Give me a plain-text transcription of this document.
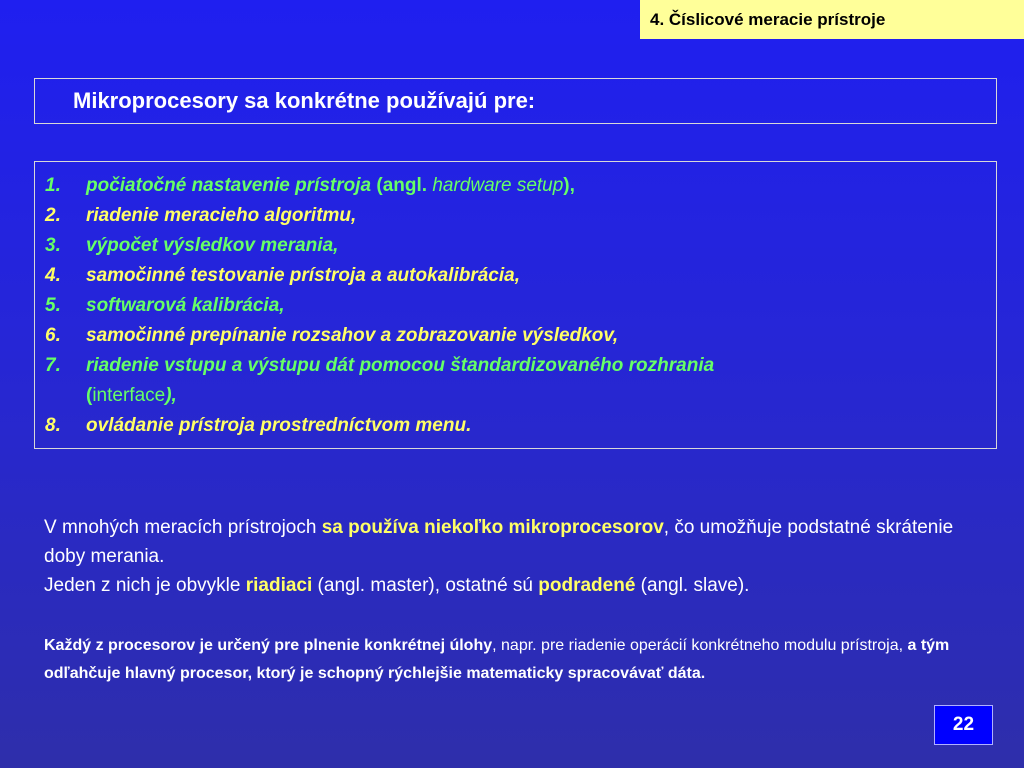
4. Číslicové meracie prístroje
Mikroprocesory sa konkrétne používajú pre:
1.	počiatočné nastavenie prístroja (angl. hardware setup),
2.	riadenie meracieho algoritmu,
3.	výpočet výsledkov merania,
4.	samočinné testovanie prístroja a autokalibrácia,
5.	softwarová kalibrácia,
6.	samočinné prepínanie rozsahov a zobrazovanie výsledkov,
7.	riadenie vstupu a výstupu dát pomocou štandardizovaného rozhrania
(interface),
8.	ovládanie prístroja prostredníctvom menu.

V mnohých meracích prístrojoch sa používa niekoľko mikroprocesorov, čo umožňuje podstatné skrátenie doby merania.
Jeden z nich je obvykle riadiaci (angl. master), ostatné sú podradené (angl. slave).

Každý z procesorov je určený pre plnenie konkrétnej úlohy, napr. pre riadenie operácií konkrétneho modulu prístroja, a tým odľahčuje hlavný procesor, ktorý je schopný rýchlejšie matematicky spracovávať dáta.

22
